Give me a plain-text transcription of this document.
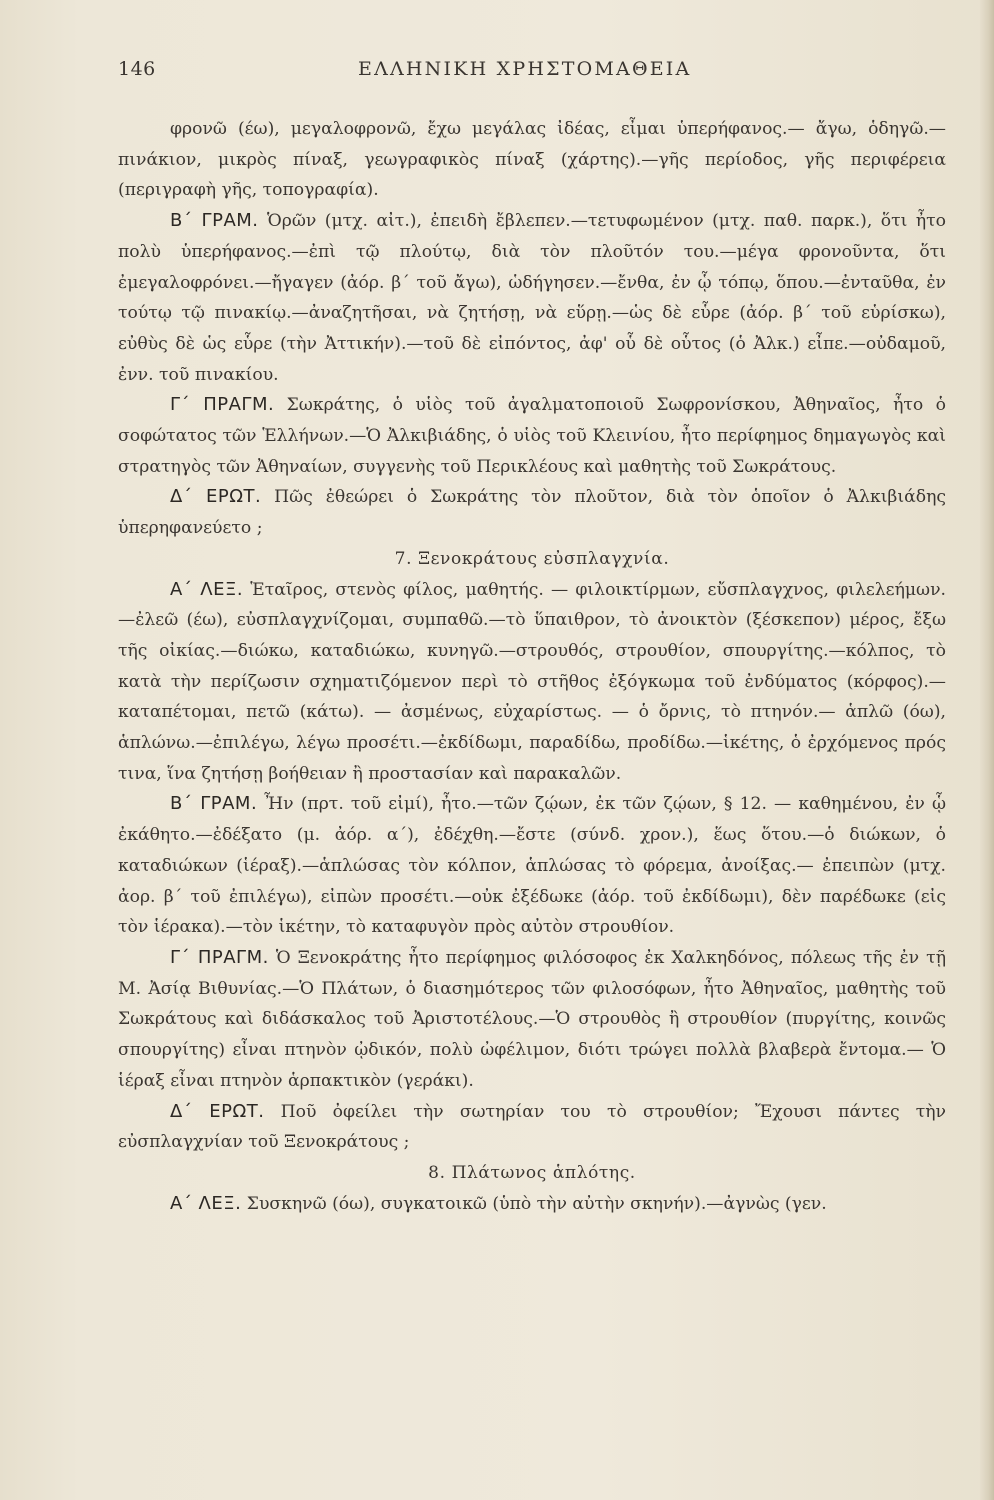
146	ΕΛΛΗΝΙΚΗ ΧΡΗΣΤΟΜΑΘΕΙΑ

φρονῶ (έω), μεγαλοφρονῶ, ἔχω μεγάλας ἰδέας, εἶμαι ὑπερήφανος.— ἄγω, ὁδηγῶ.—πινάκιον, μικρὸς πίναξ, γεωγραφικὸς πίναξ (χάρτης).—γῆς περίοδος, γῆς περιφέρεια (περιγραφὴ γῆς, τοπογραφία).

Β΄ ΓΡΑΜ. Ὁρῶν (μτχ. αἰτ.), ἐπειδὴ ἔβλεπεν.—τετυφωμένον (μτχ. παθ. παρκ.), ὅτι ἦτο πολὺ ὑπερήφανος.—ἐπὶ τῷ πλούτῳ, διὰ τὸν πλοῦτόν του.—μέγα φρονοῦντα, ὅτι ἐμεγαλοφρόνει.—ἤγαγεν (ἀόρ. β΄ τοῦ ἄγω), ὡδήγησεν.—ἔνθα, ἐν ᾧ τόπῳ, ὅπου.—ἐνταῦθα, ἐν τούτῳ τῷ πινακίῳ.—ἀναζητῆσαι, νὰ ζητήσῃ, νὰ εὕρῃ.—ὡς δὲ εὗρε (ἀόρ. β΄ τοῦ εὑρίσκω), εὐθὺς δὲ ὡς εὗρε (τὴν Ἀττικήν).—τοῦ δὲ εἰπόντος, ἀφ' οὗ δὲ οὗτος (ὁ Ἀλκ.) εἶπε.—οὐδαμοῦ, ἐνν. τοῦ πινακίου.

Γ΄ ΠΡΑΓΜ. Σωκράτης, ὁ υἱὸς τοῦ ἀγαλματοποιοῦ Σωφρονίσκου, Ἀθηναῖος, ἦτο ὁ σοφώτατος τῶν Ἑλλήνων.—Ὁ Ἀλκιβιάδης, ὁ υἱὸς τοῦ Κλεινίου, ἦτο περίφημος δημαγωγὸς καὶ στρατηγὸς τῶν Ἀθηναίων, συγγενὴς τοῦ Περικλέους καὶ μαθητὴς τοῦ Σωκράτους.

Δ΄ ΕΡΩΤ. Πῶς ἐθεώρει ὁ Σωκράτης τὸν πλοῦτον, διὰ τὸν ὁποῖον ὁ Ἀλκιβιάδης ὑπερηφανεύετο ;

7. Ξενοκράτους εὐσπλαγχνία.

Α΄ ΛΕΞ. Ἑταῖρος, στενὸς φίλος, μαθητής. — φιλοικτίρμων, εὔσπλαγχνος, φιλελεήμων.—ἐλεῶ (έω), εὐσπλαγχνίζομαι, συμπαθῶ.—τὸ ὕπαιθρον, τὸ ἀνοικτὸν (ξέσκεπον) μέρος, ἔξω τῆς οἰκίας.—διώκω, καταδιώκω, κυνηγῶ.—στρουθός, στρουθίον, σπουργίτης.—κόλπος, τὸ κατὰ τὴν περίζωσιν σχηματιζόμενον περὶ τὸ στῆθος ἐξόγκωμα τοῦ ἐνδύματος (κόρφος).— καταπέτομαι, πετῶ (κάτω). — ἀσμένως, εὐχαρίστως. — ὁ ὄρνις, τὸ πτηνόν.— ἁπλῶ (όω), ἁπλώνω.—ἐπιλέγω, λέγω προσέτι.—ἐκδίδωμι, παραδίδω, προδίδω.—ἱκέτης, ὁ ἐρχόμενος πρός τινα, ἵνα ζητήσῃ βοήθειαν ἢ προστασίαν καὶ παρακαλῶν.

Β΄ ΓΡΑΜ. Ἦν (πρτ. τοῦ εἰμί), ἦτο.—τῶν ζῴων, ἐκ τῶν ζῴων, § 12. — καθημένου, ἐν ᾧ ἐκάθητο.—ἐδέξατο (μ. ἀόρ. α΄), ἐδέχθη.—ἔστε (σύνδ. χρον.), ἕως ὅτου.—ὁ διώκων, ὁ καταδιώκων (ἱέραξ).—ἁπλώσας τὸν κόλπον, ἁπλώσας τὸ φόρεμα, ἀνοίξας.— ἐπειπὼν (μτχ. ἀορ. β΄ τοῦ ἐπιλέγω), εἰπὼν προσέτι.—οὐκ ἐξέδωκε (ἀόρ. τοῦ ἐκδίδωμι), δὲν παρέδωκε (εἰς τὸν ἱέρακα).—τὸν ἱκέτην, τὸ καταφυγὸν πρὸς αὐτὸν στρουθίον.

Γ΄ ΠΡΑΓΜ. Ὁ Ξενοκράτης ἦτο περίφημος φιλόσοφος ἐκ Χαλκηδόνος, πόλεως τῆς ἐν τῇ Μ. Ἀσίᾳ Βιθυνίας.—Ὁ Πλάτων, ὁ διασημότερος τῶν φιλοσόφων, ἦτο Ἀθηναῖος, μαθητὴς τοῦ Σωκράτους καὶ διδάσκαλος τοῦ Ἀριστοτέλους.—Ὁ στρουθὸς ἢ στρουθίον (πυργίτης, κοινῶς σπουργίτης) εἶναι πτηνὸν ᾠδικόν, πολὺ ὠφέλιμον, διότι τρώγει πολλὰ βλαβερὰ ἔντομα.— Ὁ ἱέραξ εἶναι πτηνὸν ἁρπακτικὸν (γεράκι).

Δ΄ ΕΡΩΤ. Ποῦ ὀφείλει τὴν σωτηρίαν του τὸ στρουθίον; Ἔχουσι πάντες τὴν εὐσπλαγχνίαν τοῦ Ξενοκράτους ;

8. Πλάτωνος ἁπλότης.

Α΄ ΛΕΞ. Συσκηνῶ (όω), συγκατοικῶ (ὑπὸ τὴν αὐτὴν σκηνήν).—ἀγνὼς (γεν.
